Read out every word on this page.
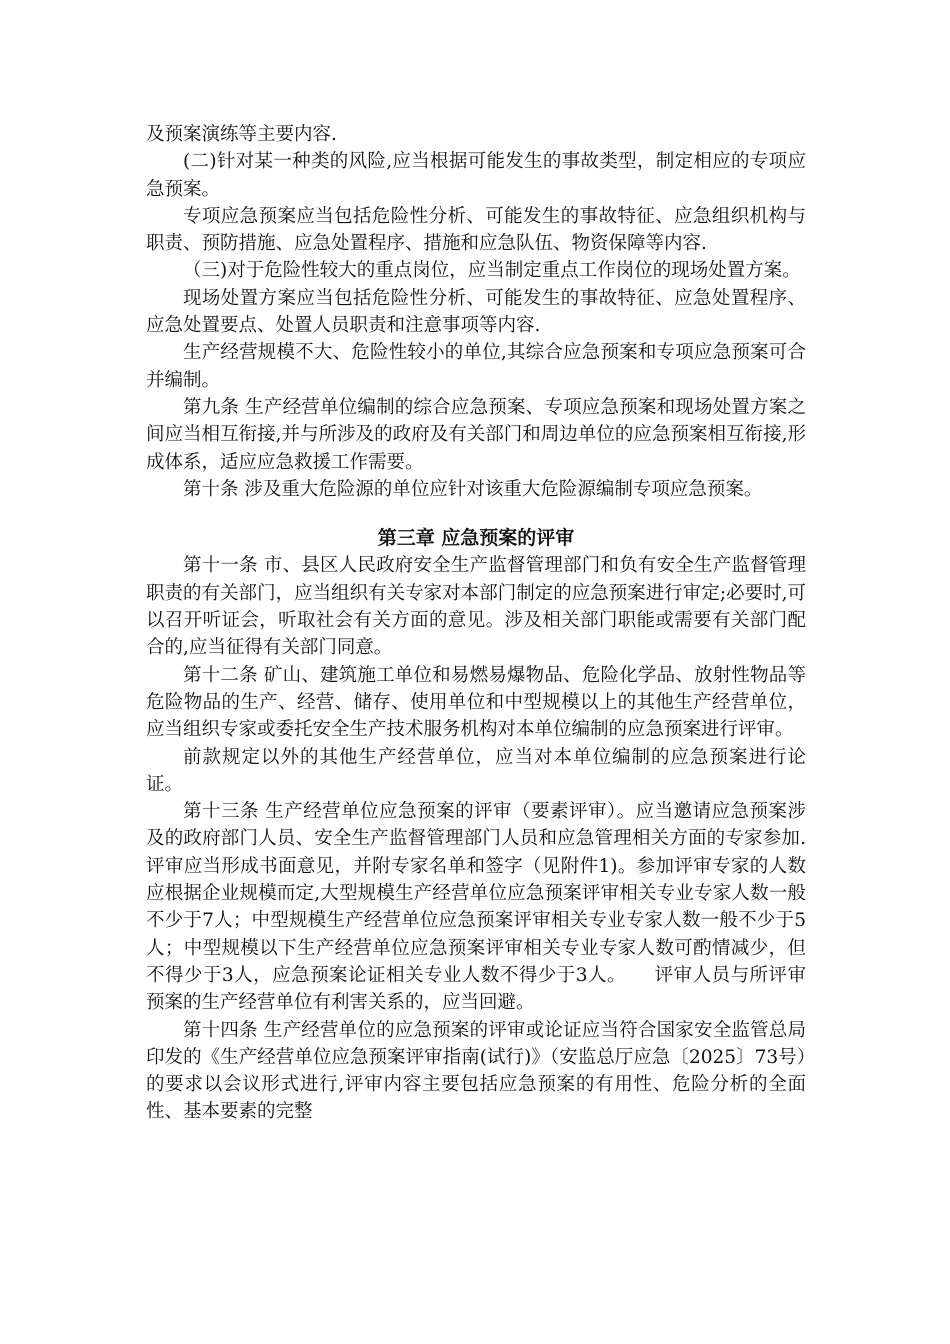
及预案演练等主要内容.

(二)针对某一种类的风险,应当根据可能发生的事故类型，制定相应的专项应急预案。

专项应急预案应当包括危险性分析、可能发生的事故特征、应急组织机构与职责、预防措施、应急处置程序、措施和应急队伍、物资保障等内容.

（三)对于危险性较大的重点岗位，应当制定重点工作岗位的现场处置方案。

现场处置方案应当包括危险性分析、可能发生的事故特征、应急处置程序、应急处置要点、处置人员职责和注意事项等内容.

生产经营规模不大、危险性较小的单位,其综合应急预案和专项应急预案可合并编制。

第九条 生产经营单位编制的综合应急预案、专项应急预案和现场处置方案之间应当相互衔接,并与所涉及的政府及有关部门和周边单位的应急预案相互衔接,形成体系，适应应急救援工作需要。

第十条 涉及重大危险源的单位应针对该重大危险源编制专项应急预案。

第三章 应急预案的评审

第十一条 市、县区人民政府安全生产监督管理部门和负有安全生产监督管理职责的有关部门，应当组织有关专家对本部门制定的应急预案进行审定;必要时,可以召开听证会，听取社会有关方面的意见。涉及相关部门职能或需要有关部门配合的,应当征得有关部门同意。

第十二条 矿山、建筑施工单位和易燃易爆物品、危险化学品、放射性物品等危险物品的生产、经营、储存、使用单位和中型规模以上的其他生产经营单位，应当组织专家或委托安全生产技术服务机构对本单位编制的应急预案进行评审。

前款规定以外的其他生产经营单位，应当对本单位编制的应急预案进行论证。

第十三条 生产经营单位应急预案的评审（要素评审）。应当邀请应急预案涉及的政府部门人员、安全生产监督管理部门人员和应急管理相关方面的专家参加.评审应当形成书面意见，并附专家名单和签字（见附件1)。参加评审专家的人数应根据企业规模而定,大型规模生产经营单位应急预案评审相关专业专家人数一般不少于7人；中型规模生产经营单位应急预案评审相关专业专家人数一般不少于5人；中型规模以下生产经营单位应急预案评审相关专业专家人数可酌情减少，但不得少于3人，应急预案论证相关专业人数不得少于3人。　　评审人员与所评审预案的生产经营单位有利害关系的，应当回避。

第十四条 生产经营单位的应急预案的评审或论证应当符合国家安全监管总局印发的《生产经营单位应急预案评审指南(试行)》（安监总厅应急〔2025〕73号）的要求以会议形式进行,评审内容主要包括应急预案的有用性、危险分析的全面性、基本要素的完整
